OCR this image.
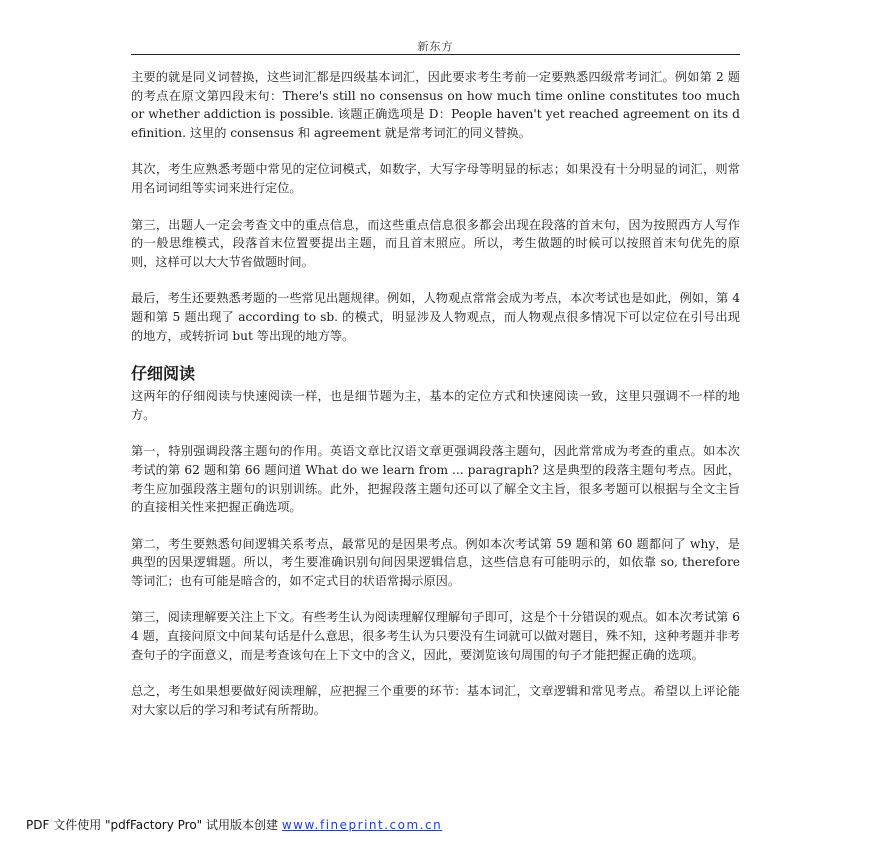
新东方

主要的就是同义词替换，这些词汇都是四级基本词汇，因此要求考生考前一定要熟悉四级常考词汇。例如第 2 题的考点在原文第四段末句：There's still no consensus on how much time online constitutes too much or whether addiction is possible. 该题正确选项是 D：People haven't yet reached agreement on its definition. 这里的 consensus 和 agreement 就是常考词汇的同义替换。

其次，考生应熟悉考题中常见的定位词模式，如数字，大写字母等明显的标志；如果没有十分明显的词汇，则常用名词词组等实词来进行定位。

第三，出题人一定会考查文中的重点信息，而这些重点信息很多都会出现在段落的首末句，因为按照西方人写作的一般思维模式，段落首末位置要提出主题，而且首末照应。所以，考生做题的时候可以按照首末句优先的原则，这样可以大大节省做题时间。

最后，考生还要熟悉考题的一些常见出题规律。例如，人物观点常常会成为考点，本次考试也是如此，例如，第 4 题和第 5 题出现了 according to sb. 的模式，明显涉及人物观点，而人物观点很多情况下可以定位在引号出现的地方，或转折词 but 等出现的地方等。

仔细阅读

这两年的仔细阅读与快速阅读一样，也是细节题为主，基本的定位方式和快速阅读一致，这里只强调不一样的地方。

第一，特别强调段落主题句的作用。英语文章比汉语文章更强调段落主题句，因此常常成为考查的重点。如本次考试的第 62 题和第 66 题问道 What do we learn from ... paragraph? 这是典型的段落主题句考点。因此，考生应加强段落主题句的识别训练。此外，把握段落主题句还可以了解全文主旨，很多考题可以根据与全文主旨的直接相关性来把握正确选项。

第二，考生要熟悉句间逻辑关系考点，最常见的是因果考点。例如本次考试第 59 题和第 60 题都问了 why，是典型的因果逻辑题。所以，考生要准确识别句间因果逻辑信息，这些信息有可能明示的，如依靠 so, therefore 等词汇；也有可能是暗含的，如不定式目的状语常揭示原因。

第三，阅读理解要关注上下文。有些考生认为阅读理解仅理解句子即可，这是个十分错误的观点。如本次考试第 64 题，直接问原文中间某句话是什么意思，很多考生认为只要没有生词就可以做对题目，殊不知，这种考题并非考查句子的字面意义，而是考查该句在上下文中的含义，因此，要浏览该句周围的句子才能把握正确的选项。

总之，考生如果想要做好阅读理解，应把握三个重要的环节：基本词汇，文章逻辑和常见考点。希望以上评论能对大家以后的学习和考试有所帮助。

PDF 文件使用 "pdfFactory Pro" 试用版本创建 www.fineprint.com.cn
